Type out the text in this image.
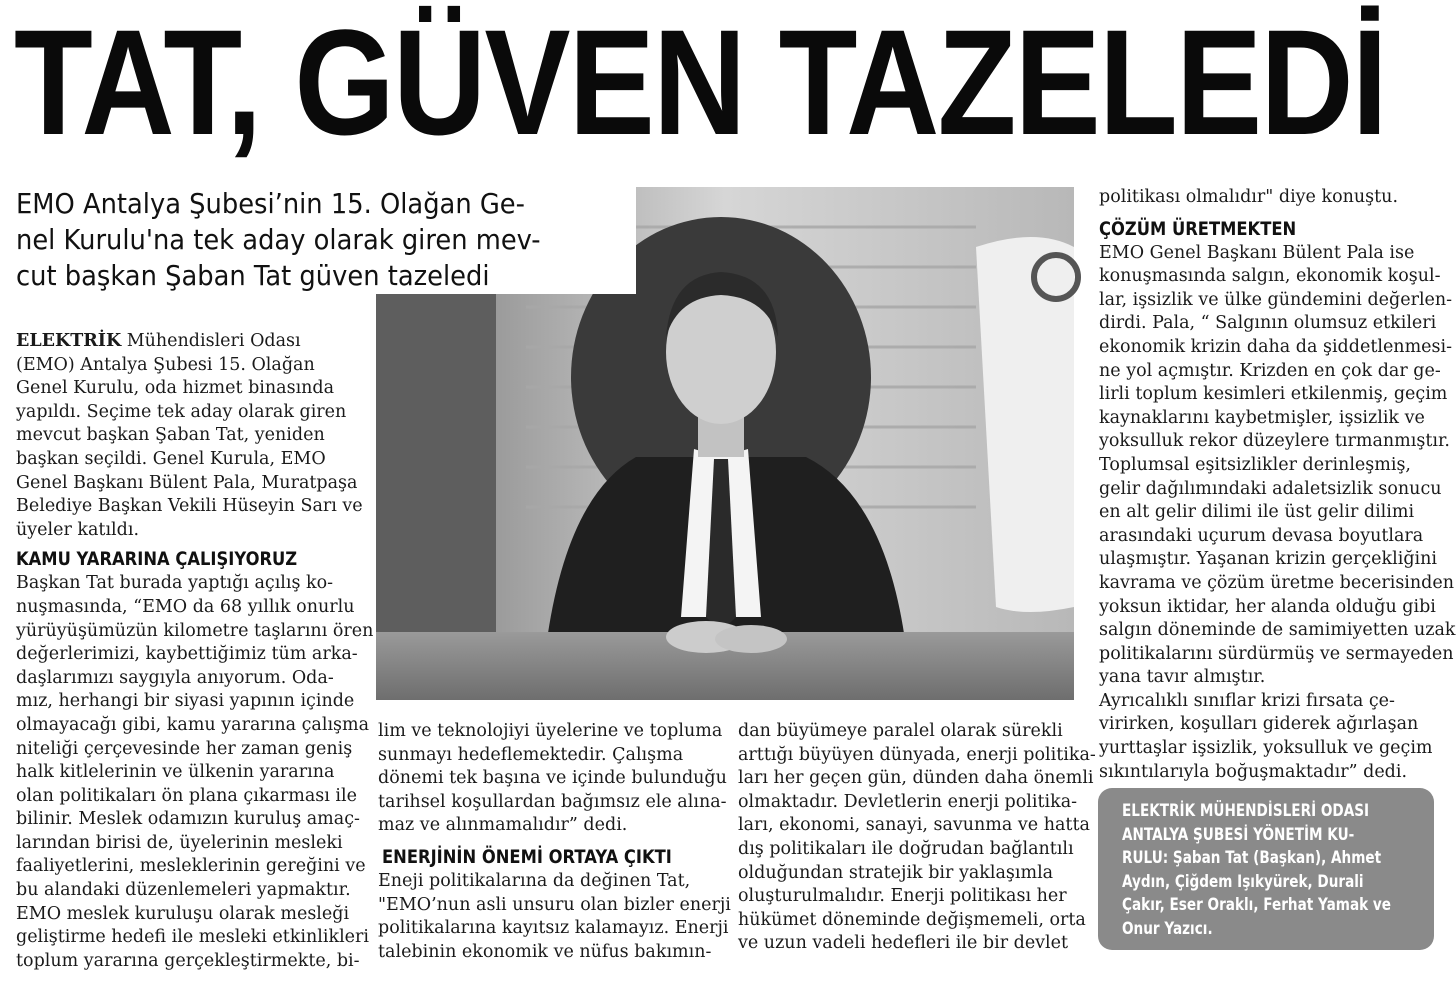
TAT, GÜVEN TAZELEDİ
EMO Antalya Şubesi’nin 15. Olağan Ge-
nel Kurulu'na tek aday olarak giren mev-
cut başkan Şaban Tat güven tazeledi
ELEKTRİK Mühendisleri Odası
(EMO) Antalya Şubesi 15. Olağan
Genel Kurulu, oda hizmet binasında
yapıldı. Seçime tek aday olarak giren
mevcut başkan Şaban Tat, yeniden
başkan seçildi. Genel Kurula, EMO
Genel Başkanı Bülent Pala, Muratpaşa
Belediye Başkan Vekili Hüseyin Sarı ve
üyeler katıldı.
KAMU YARARINA ÇALIŞIYORUZ
Başkan Tat burada yaptığı açılış ko-
nuşmasında, “EMO da 68 yıllık onurlu
yürüyüşümüzün kilometre taşlarını ören
değerlerimizi, kaybettiğimiz tüm arka-
daşlarımızı saygıyla anıyorum. Oda-
mız, herhangi bir siyasi yapının içinde
olmayacağı gibi, kamu yararına çalışma
niteliği çerçevesinde her zaman geniş
halk kitlelerinin ve ülkenin yararına
olan politikaları ön plana çıkarması ile
bilinir. Meslek odamızın kuruluş amaç-
larından birisi de, üyelerinin mesleki
faaliyetlerini, mesleklerinin gereğini ve
bu alandaki düzenlemeleri yapmaktır.
EMO meslek kuruluşu olarak mesleği
geliştirme hedefi ile mesleki etkinlikleri
toplum yararına gerçekleştirmekte, bi-
lim ve teknolojiyi üyelerine ve topluma
sunmayı hedeflemektedir. Çalışma
dönemi tek başına ve içinde bulunduğu
tarihsel koşullardan bağımsız ele alına-
maz ve alınmamalıdır” dedi.
ENERJİNİN ÖNEMİ ORTAYA ÇIKTI
Eneji politikalarına da değinen Tat,
"EMO’nun asli unsuru olan bizler enerji
politikalarına kayıtsız kalamayız. Enerji
talebinin ekonomik ve nüfus bakımın-
dan büyümeye paralel olarak sürekli
arttığı büyüyen dünyada, enerji politika-
ları her geçen gün, dünden daha önemli
olmaktadır. Devletlerin enerji politika-
ları, ekonomi, sanayi, savunma ve hatta
dış politikaları ile doğrudan bağlantılı
olduğundan stratejik bir yaklaşımla
oluşturulmalıdır. Enerji politikası her
hükümet döneminde değişmemeli, orta
ve uzun vadeli hedefleri ile bir devlet
politikası olmalıdır" diye konuştu.
ÇÖZÜM ÜRETMEKTEN
EMO Genel Başkanı Bülent Pala ise
konuşmasında salgın, ekonomik koşul-
lar, işsizlik ve ülke gündemini değerlen-
dirdi. Pala, “ Salgının olumsuz etkileri
ekonomik krizin daha da şiddetlenmesi-
ne yol açmıştır. Krizden en çok dar ge-
lirli toplum kesimleri etkilenmiş, geçim
kaynaklarını kaybetmişler, işsizlik ve
yoksulluk rekor düzeylere tırmanmıştır.
Toplumsal eşitsizlikler derinleşmiş,
gelir dağılımındaki adaletsizlik sonucu
en alt gelir dilimi ile üst gelir dilimi
arasındaki uçurum devasa boyutlara
ulaşmıştır. Yaşanan krizin gerçekliğini
kavrama ve çözüm üretme becerisinden
yoksun iktidar, her alanda olduğu gibi
salgın döneminde de samimiyetten uzak
politikalarını sürdürmüş ve sermayeden
yana tavır almıştır.
Ayrıcalıklı sınıflar krizi fırsata çe-
virirken, koşulları giderek ağırlaşan
yurttaşlar işsizlik, yoksulluk ve geçim
sıkıntılarıyla boğuşmaktadır” dedi.
ELEKTRİK MÜHENDİSLERİ ODASI
ANTALYA ŞUBESİ YÖNETİM KU-
RULU: Şaban Tat (Başkan), Ahmet
Aydın, Çiğdem Işıkyürek, Durali
Çakır, Eser Oraklı, Ferhat Yamak ve
Onur Yazıcı.
